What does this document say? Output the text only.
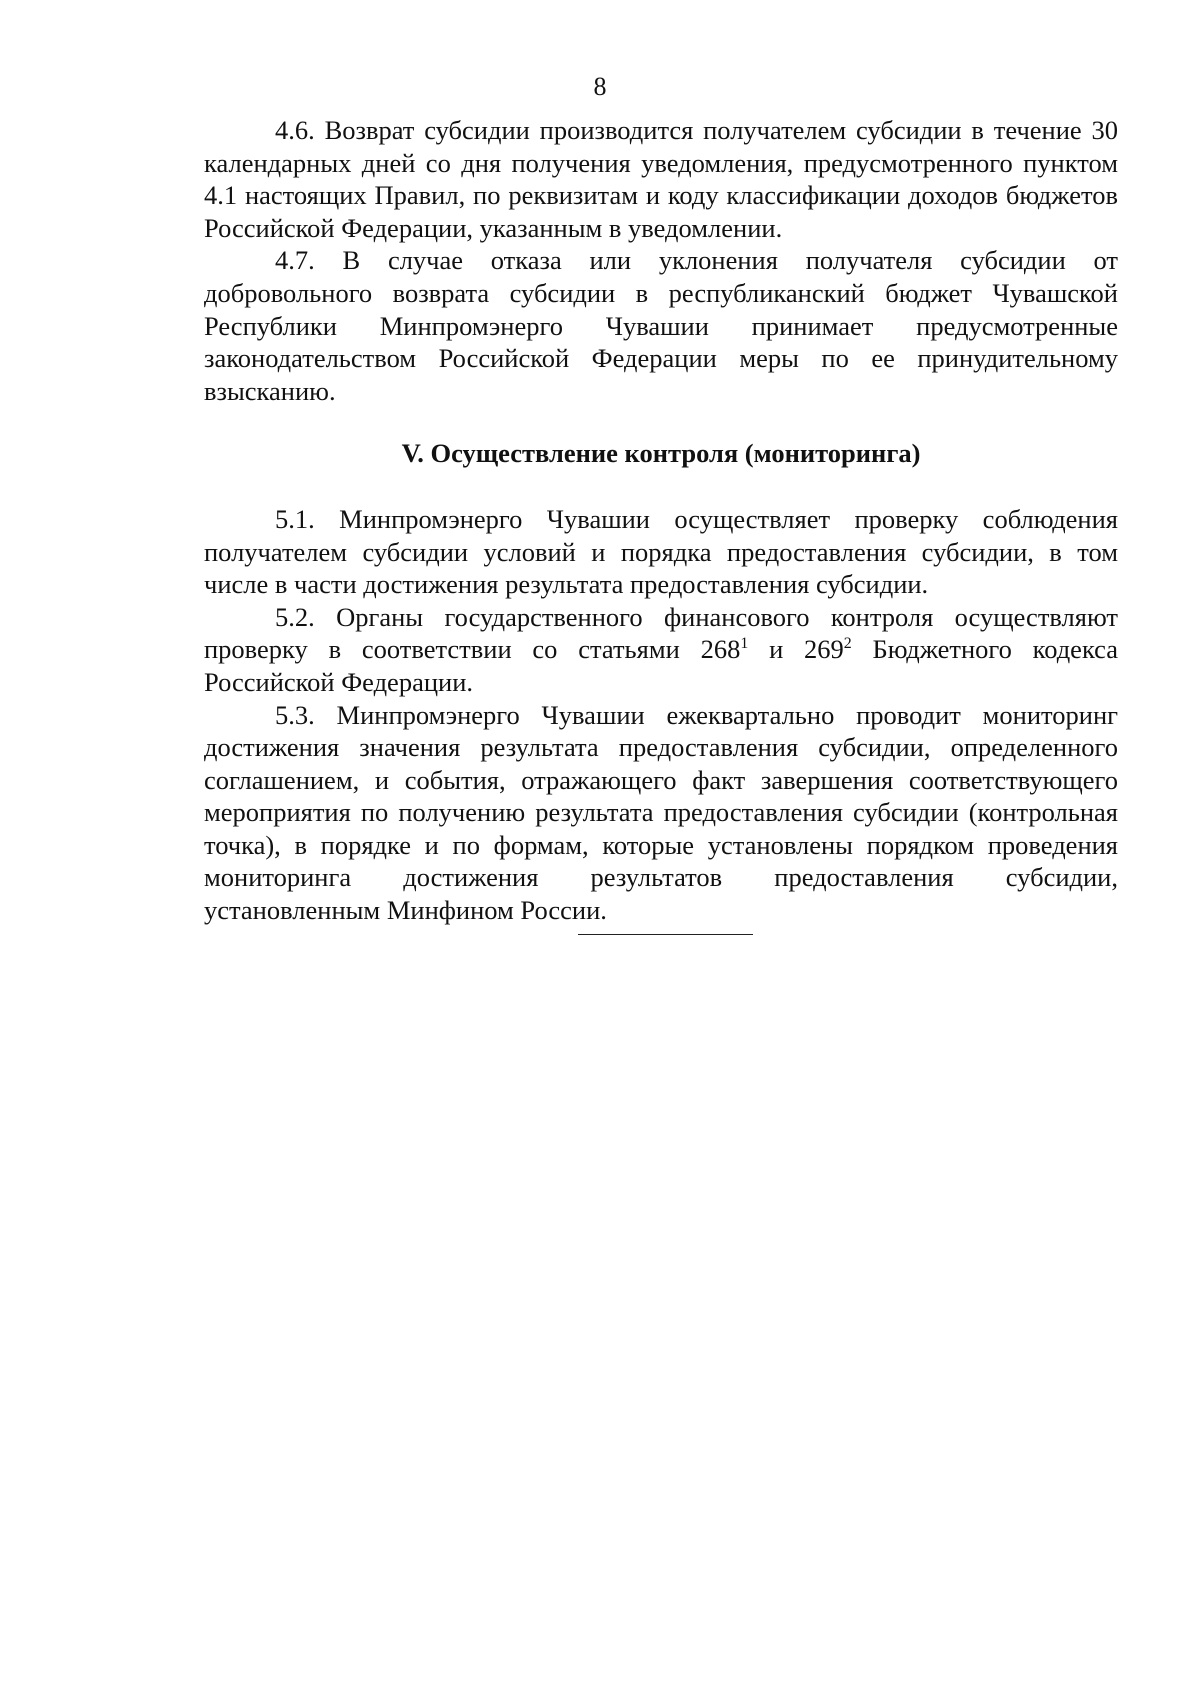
8

4.6. Возврат субсидии производится получателем субсидии в течение 30 календарных дней со дня получения уведомления, предусмотренного пунктом 4.1 настоящих Правил, по реквизитам и коду классификации доходов бюджетов Российской Федерации, указанным в уведомлении.

4.7. В случае отказа или уклонения получателя субсидии от добровольного возврата субсидии в республиканский бюджет Чувашской Республики Минпромэнерго Чувашии принимает предусмотренные законодательством Российской Федерации меры по ее принудительному взысканию.

V. Осуществление контроля (мониторинга)

5.1. Минпромэнерго Чувашии осуществляет проверку соблюдения получателем субсидии условий и порядка предоставления субсидии, в том числе в части достижения результата предоставления субсидии.

5.2. Органы государственного финансового контроля осуществляют проверку в соответствии со статьями $268^1$ и $269^2$ Бюджетного кодекса Российской Федерации.

5.3. Минпромэнерго Чувашии ежеквартально проводит мониторинг достижения значения результата предоставления субсидии, определенного соглашением, и события, отражающего факт завершения соответствующего мероприятия по получению результата предоставления субсидии (контрольная точка), в порядке и по формам, которые установлены порядком проведения мониторинга достижения результатов предоставления субсидии, установленным Минфином России.
